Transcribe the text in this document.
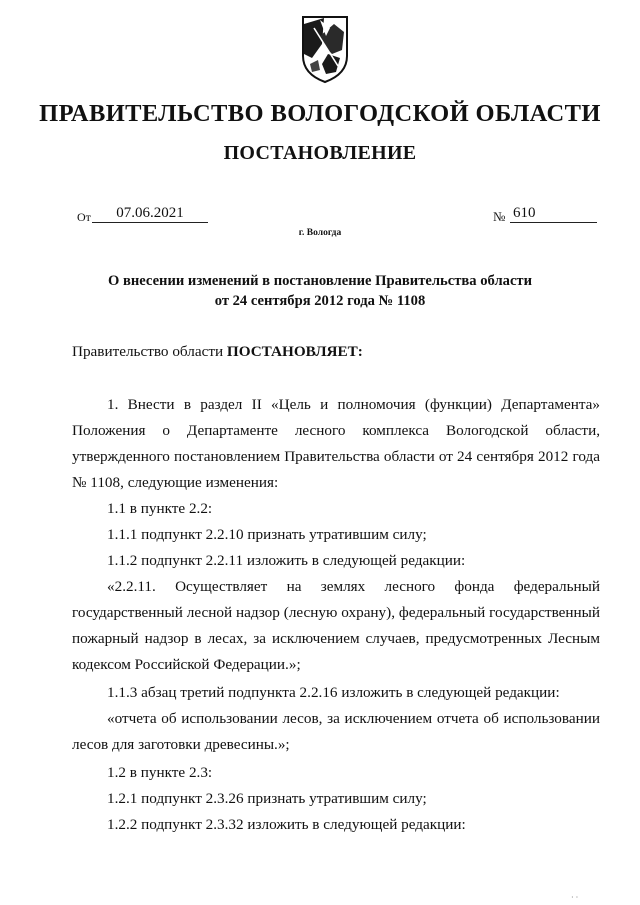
ПРАВИТЕЛЬСТВО ВОЛОГОДСКОЙ ОБЛАСТИ
ПОСТАНОВЛЕНИЕ
От	07.06.2021	№ 610
г. Вологда
О внесении изменений в постановление Правительства области
от 24 сентября 2012 года № 1108
Правительство области ПОСТАНОВЛЯЕТ:
1. Внести в раздел II «Цель и полномочия (функции) Департамента» Положения о Департаменте лесного комплекса Вологодской области, утвержденного постановлением Правительства области от 24 сентября 2012 года № 1108, следующие изменения:
1.1 в пункте 2.2:
1.1.1 подпункт 2.2.10 признать утратившим силу;
1.1.2 подпункт 2.2.11 изложить в следующей редакции:
«2.2.11. Осуществляет на землях лесного фонда федеральный государственный лесной надзор (лесную охрану), федеральный государственный пожарный надзор в лесах, за исключением случаев, предусмотренных Лесным кодексом Российской Федерации.»;
1.1.3 абзац третий подпункта 2.2.16 изложить в следующей редакции:
«отчета об использовании лесов, за исключением отчета об использовании лесов для заготовки древесины.»;
1.2 в пункте 2.3:
1.2.1 подпункт 2.3.26 признать утратившим силу;
1.2.2 подпункт 2.3.32 изложить в следующей редакции:
· ·
